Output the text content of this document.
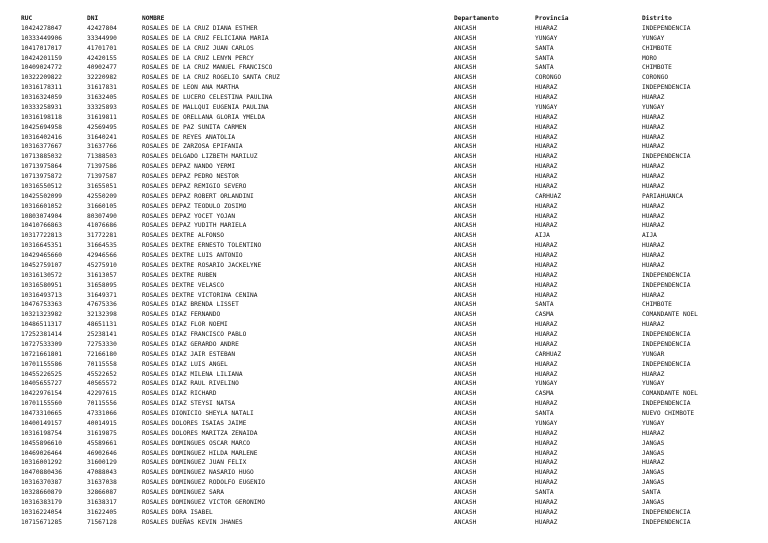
RUC	DNI	NOMBRE	Departamento	Provincia	Distrito
10424278047	42427804	ROSALES DE LA CRUZ DIANA ESTHER	ANCASH	HUARAZ	INDEPENDENCIA
10333449906	33344990	ROSALES DE LA CRUZ FELICIANA MARIA	ANCASH	YUNGAY	YUNGAY
10417017017	41701701	ROSALES DE LA CRUZ JUAN CARLOS	ANCASH	SANTA	CHIMBOTE
10424201159	42420155	ROSALES DE LA CRUZ LENYN PERCY	ANCASH	SANTA	MORO
10409024772	40902477	ROSALES DE LA CRUZ MANUEL FRANCISCO	ANCASH	SANTA	CHIMBOTE
10322209822	32220982	ROSALES DE LA CRUZ ROGELIO SANTA CRUZ	ANCASH	CORONGO	CORONGO
10316178311	31617831	ROSALES DE LEON ANA MARTHA	ANCASH	HUARAZ	INDEPENDENCIA
10316324059	31632405	ROSALES DE LUCERO CELESTINA PAULINA	ANCASH	HUARAZ	HUARAZ
10333258931	33325893	ROSALES DE MALLQUI EUGENIA PAULINA	ANCASH	YUNGAY	YUNGAY
10316198118	31619811	ROSALES DE ORELLANA GLORIA YMELDA	ANCASH	HUARAZ	HUARAZ
10425694958	42569495	ROSALES DE PAZ SUNITA CARMEN	ANCASH	HUARAZ	HUARAZ
10316402416	31640241	ROSALES DE REYES ANATOLIA	ANCASH	HUARAZ	HUARAZ
10316377667	31637766	ROSALES DE ZARZOSA EPIFANIA	ANCASH	HUARAZ	HUARAZ
10713885032	71388503	ROSALES DELGADO LIZBETH MARILUZ	ANCASH	HUARAZ	INDEPENDENCIA
10713975864	71397586	ROSALES DEPAZ NANDO YERMI	ANCASH	HUARAZ	HUARAZ
10713975872	71397587	ROSALES DEPAZ PEDRO NESTOR	ANCASH	HUARAZ	HUARAZ
10316550512	31655051	ROSALES DEPAZ REMIGIO SEVERO	ANCASH	HUARAZ	HUARAZ
10425502099	42550209	ROSALES DEPAZ ROBERT ORLANDINI	ANCASH	CARHUAZ	PARIAHUANCA
10316601052	31660105	ROSALES DEPAZ TEODULO ZOSIMO	ANCASH	HUARAZ	HUARAZ
10803074904	80307490	ROSALES DEPAZ YOCET YOJAN	ANCASH	HUARAZ	HUARAZ
10410766863	41076686	ROSALES DEPAZ YUDITH MARIELA	ANCASH	HUARAZ	HUARAZ
10317722813	31772281	ROSALES DEXTRE ALFONSO	ANCASH	AIJA	AIJA
10316645351	31664535	ROSALES DEXTRE ERNESTO TOLENTINO	ANCASH	HUARAZ	HUARAZ
10429465660	42946566	ROSALES DEXTRE LUIS ANTONIO	ANCASH	HUARAZ	HUARAZ
10452759107	45275910	ROSALES DEXTRE ROSARIO JACKELYNE	ANCASH	HUARAZ	HUARAZ
10316130572	31613057	ROSALES DEXTRE RUBEN	ANCASH	HUARAZ	INDEPENDENCIA
10316580951	31658095	ROSALES DEXTRE VELASCO	ANCASH	HUARAZ	INDEPENDENCIA
10316493713	31649371	ROSALES DEXTRE VICTORINA CENINA	ANCASH	HUARAZ	HUARAZ
10476753363	47675336	ROSALES DIAZ BRENDA LISSET	ANCASH	SANTA	CHIMBOTE
10321323982	32132398	ROSALES DIAZ FERNANDO	ANCASH	CASMA	COMANDANTE NOEL
10486511317	48651131	ROSALES DIAZ FLOR NOEMI	ANCASH	HUARAZ	HUARAZ
17252381414	25238141	ROSALES DIAZ FRANCISCO PABLO	ANCASH	HUARAZ	INDEPENDENCIA
10727533309	72753330	ROSALES DIAZ GERARDO ANDRE	ANCASH	HUARAZ	INDEPENDENCIA
10721661801	72166180	ROSALES DIAZ JAIR ESTEBAN	ANCASH	CARHUAZ	YUNGAR
10701155586	70115558	ROSALES DIAZ LUIS ANGEL	ANCASH	HUARAZ	INDEPENDENCIA
10455226525	45522652	ROSALES DIAZ MILENA LILIANA	ANCASH	HUARAZ	HUARAZ
10405655727	40565572	ROSALES DIAZ RAUL RIVELINO	ANCASH	YUNGAY	YUNGAY
10422976154	42297615	ROSALES DIAZ RICHARD	ANCASH	CASMA	COMANDANTE NOEL
10701155560	70115556	ROSALES DIAZ STEYSI NATSA	ANCASH	HUARAZ	INDEPENDENCIA
10473310665	47331066	ROSALES DIONICIO SHEYLA NATALI	ANCASH	SANTA	NUEVO CHIMBOTE
10400149157	40014915	ROSALES DOLORES ISAIAS JAIME	ANCASH	YUNGAY	YUNGAY
10316198754	31619875	ROSALES DOLORES MARITZA ZENAIDA	ANCASH	HUARAZ	HUARAZ
10455896610	45589661	ROSALES DOMINGUES OSCAR MARCO	ANCASH	HUARAZ	JANGAS
10469026464	46902646	ROSALES DOMINGUEZ HILDA MARLENE	ANCASH	HUARAZ	JANGAS
10316001292	31600129	ROSALES DOMINGUEZ JUAN FELIX	ANCASH	HUARAZ	HUARAZ
10470880436	47088043	ROSALES DOMINGUEZ NASARIO HUGO	ANCASH	HUARAZ	JANGAS
10316370387	31637038	ROSALES DOMINGUEZ RODOLFO EUGENIO	ANCASH	HUARAZ	JANGAS
10328660879	32866087	ROSALES DOMINGUEZ SARA	ANCASH	SANTA	SANTA
10316383179	31638317	ROSALES DOMINGUEZ VICTOR GERONIMO	ANCASH	HUARAZ	JANGAS
10316224054	31622405	ROSALES DORA ISABEL	ANCASH	HUARAZ	INDEPENDENCIA
10715671285	71567128	ROSALES DUEÑAS KEVIN JHANES	ANCASH	HUARAZ	INDEPENDENCIA
